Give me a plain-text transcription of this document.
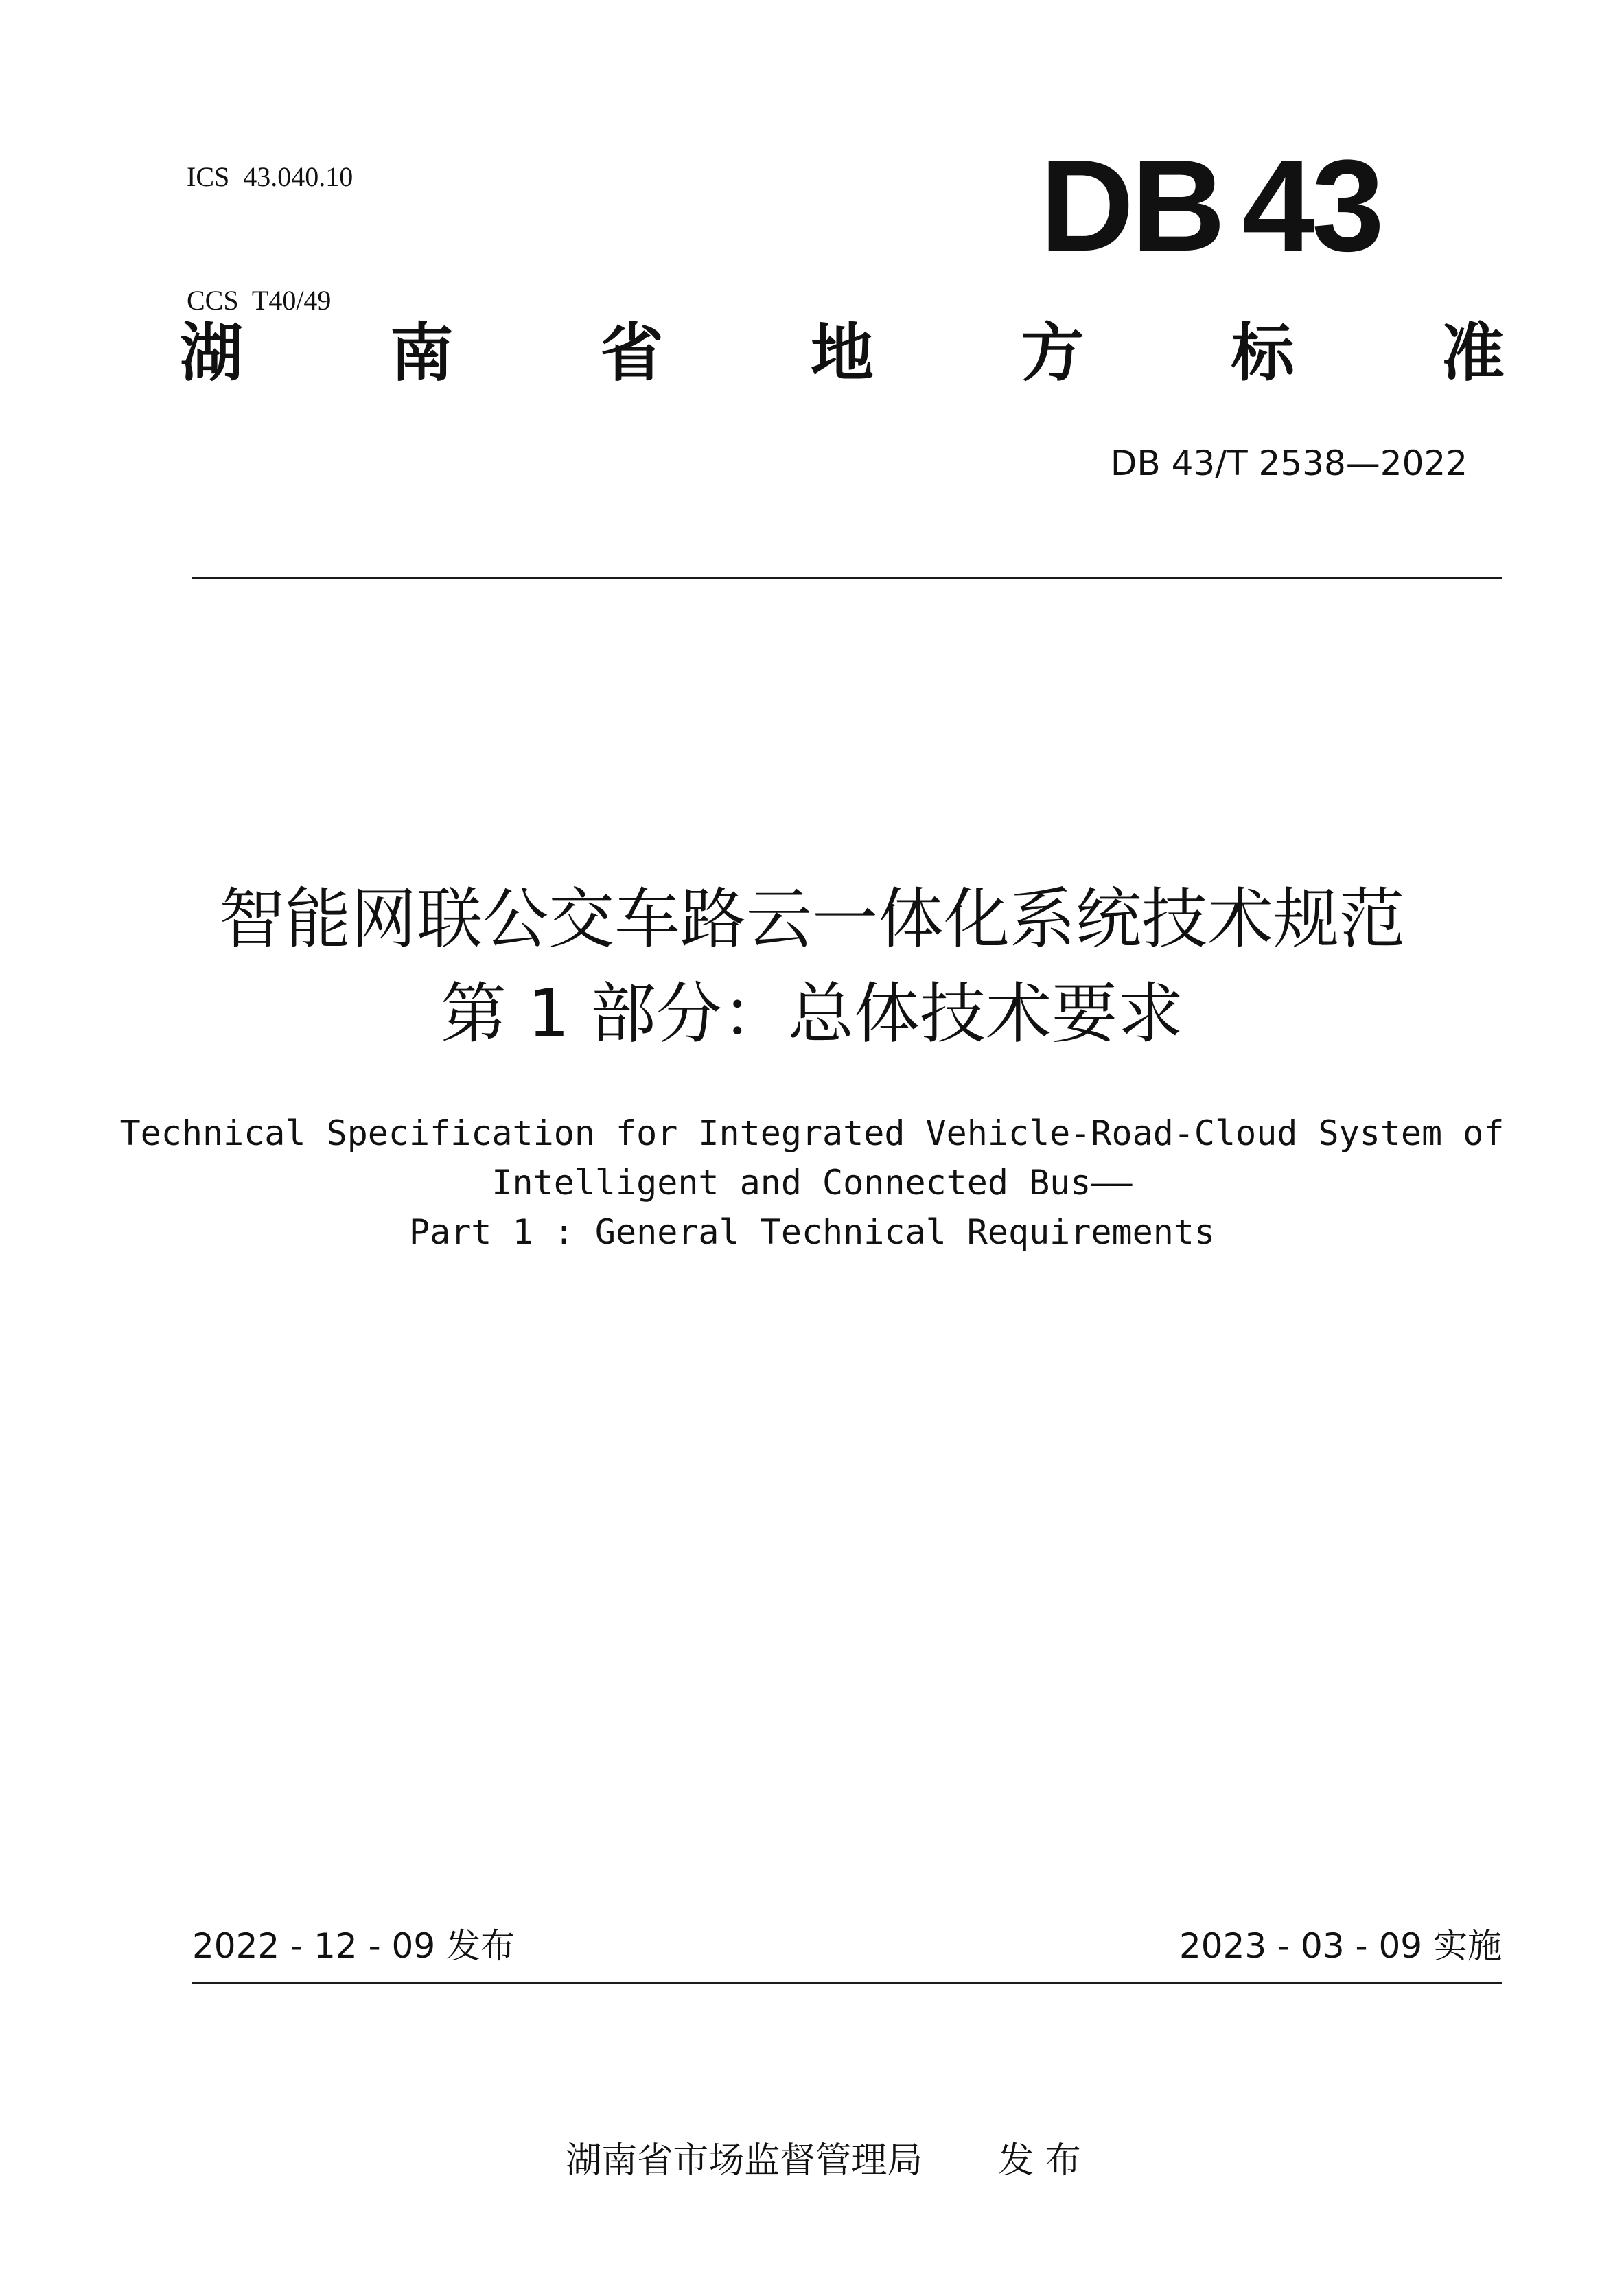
ICS  43.040.10

CCS  T40/49

DB 43
湖 南 省 地 方 标 准
DB 43/T 2538—2022
智能网联公交车路云一体化系统技术规范
第 1 部分：总体技术要求
Technical Specification for Integrated Vehicle-Road-Cloud System of
Intelligent and Connected Bus——
Part 1 : General Technical Requirements
2022 - 12 - 09 发布	2023 - 03 - 09 实施

湖南省市场监督管理局 发 布
